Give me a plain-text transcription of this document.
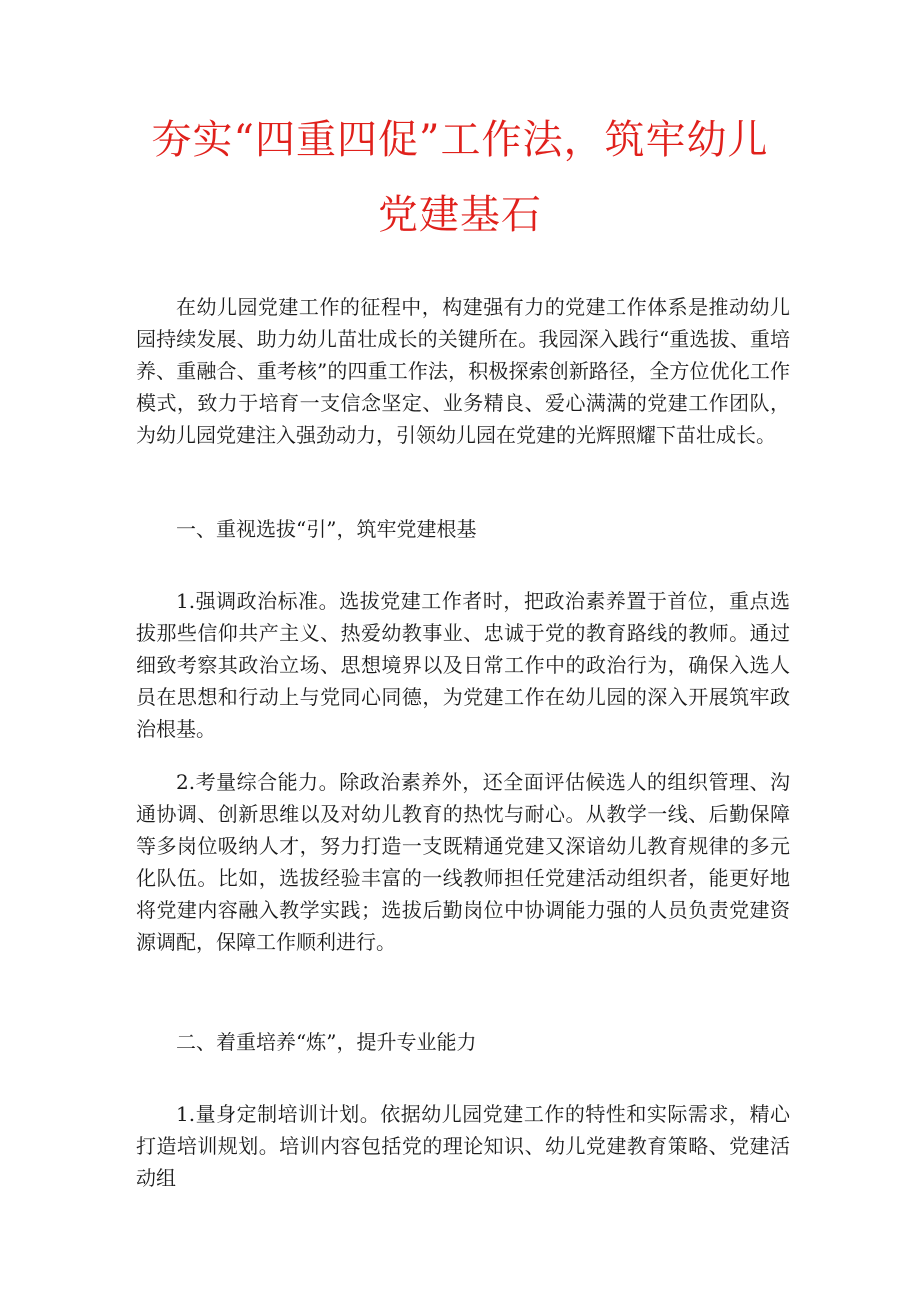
夯实“四重四促”工作法，筑牢幼儿
党建基石

在幼儿园党建工作的征程中，构建强有力的党建工作体系是推动幼儿园持续发展、助力幼儿苗壮成长的关键所在。我园深入践行“重选拔、重培养、重融合、重考核”的四重工作法，积极探索创新路径，全方位优化工作模式，致力于培育一支信念坚定、业务精良、爱心满满的党建工作团队，为幼儿园党建注入强劲动力，引领幼儿园在党建的光辉照耀下苗壮成长。

一、重视选拔“引”，筑牢党建根基

1.强调政治标准。选拔党建工作者时，把政治素养置于首位，重点选拔那些信仰共产主义、热爱幼教事业、忠诚于党的教育路线的教师。通过细致考察其政治立场、思想境界以及日常工作中的政治行为，确保入选人员在思想和行动上与党同心同德，为党建工作在幼儿园的深入开展筑牢政治根基。

2.考量综合能力。除政治素养外，还全面评估候选人的组织管理、沟通协调、创新思维以及对幼儿教育的热忱与耐心。从教学一线、后勤保障等多岗位吸纳人才，努力打造一支既精通党建又深谙幼儿教育规律的多元化队伍。比如，选拔经验丰富的一线教师担任党建活动组织者，能更好地将党建内容融入教学实践；选拔后勤岗位中协调能力强的人员负责党建资源调配，保障工作顺利进行。

二、着重培养“炼”，提升专业能力

1.量身定制培训计划。依据幼儿园党建工作的特性和实际需求，精心打造培训规划。培训内容包括党的理论知识、幼儿党建教育策略、党建活动组
